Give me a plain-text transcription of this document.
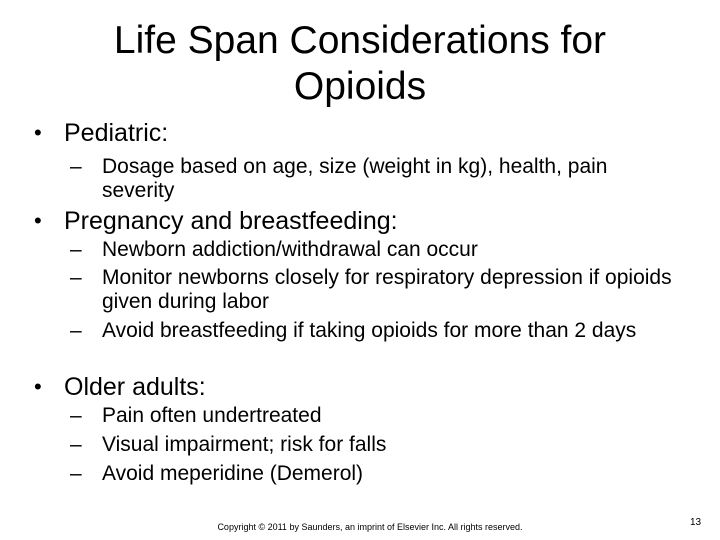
Life Span Considerations for
Opioids
• Pediatric:
– Dosage based on age, size (weight in kg), health, pain severity
• Pregnancy and breastfeeding:
– Newborn addiction/withdrawal can occur
– Monitor newborns closely for respiratory depression if opioids given during labor
– Avoid breastfeeding if taking opioids for more than 2 days
• Older adults:
– Pain often undertreated
– Visual impairment; risk for falls
– Avoid meperidine (Demerol)
Copyright © 2011 by Saunders, an imprint of Elsevier Inc. All rights reserved.	13
